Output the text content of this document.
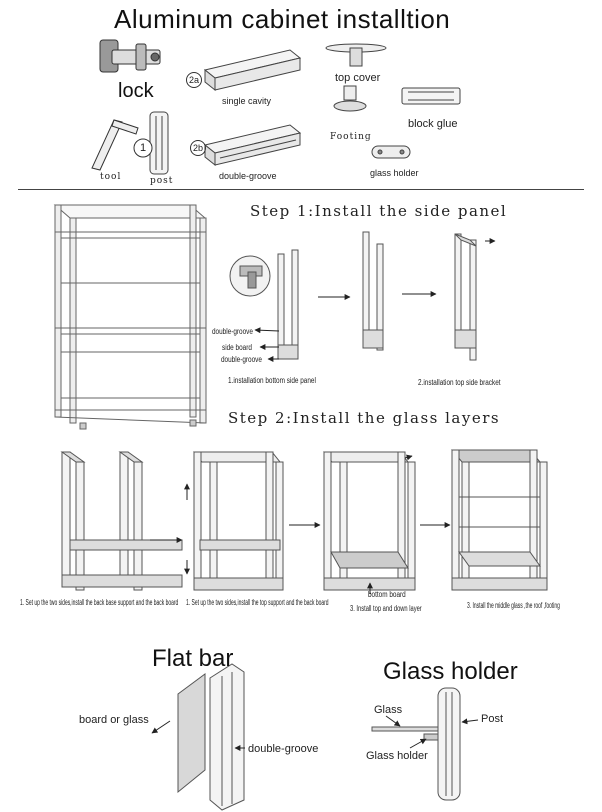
Aluminum cabinet installtion
lock	2a
single cavity
top cover
Footing
block glue
1
tool	post
2b
double-groove	glass holder
Step 1:Install the side panel
double-groove
side board
double-groove
1.installation bottom side panel	2.installation top side bracket
Step 2:Install the glass layers
bottom board
1. Set up the two sides,install the back base support and the back board 1. Set up the two sides,install the top support and the back board
3. Install top and down layer	3. Install the middle glass ,the roof ,footing
Flat bar
board or glass
double-groove
Glass holder
Glass
Post
Glass holder
